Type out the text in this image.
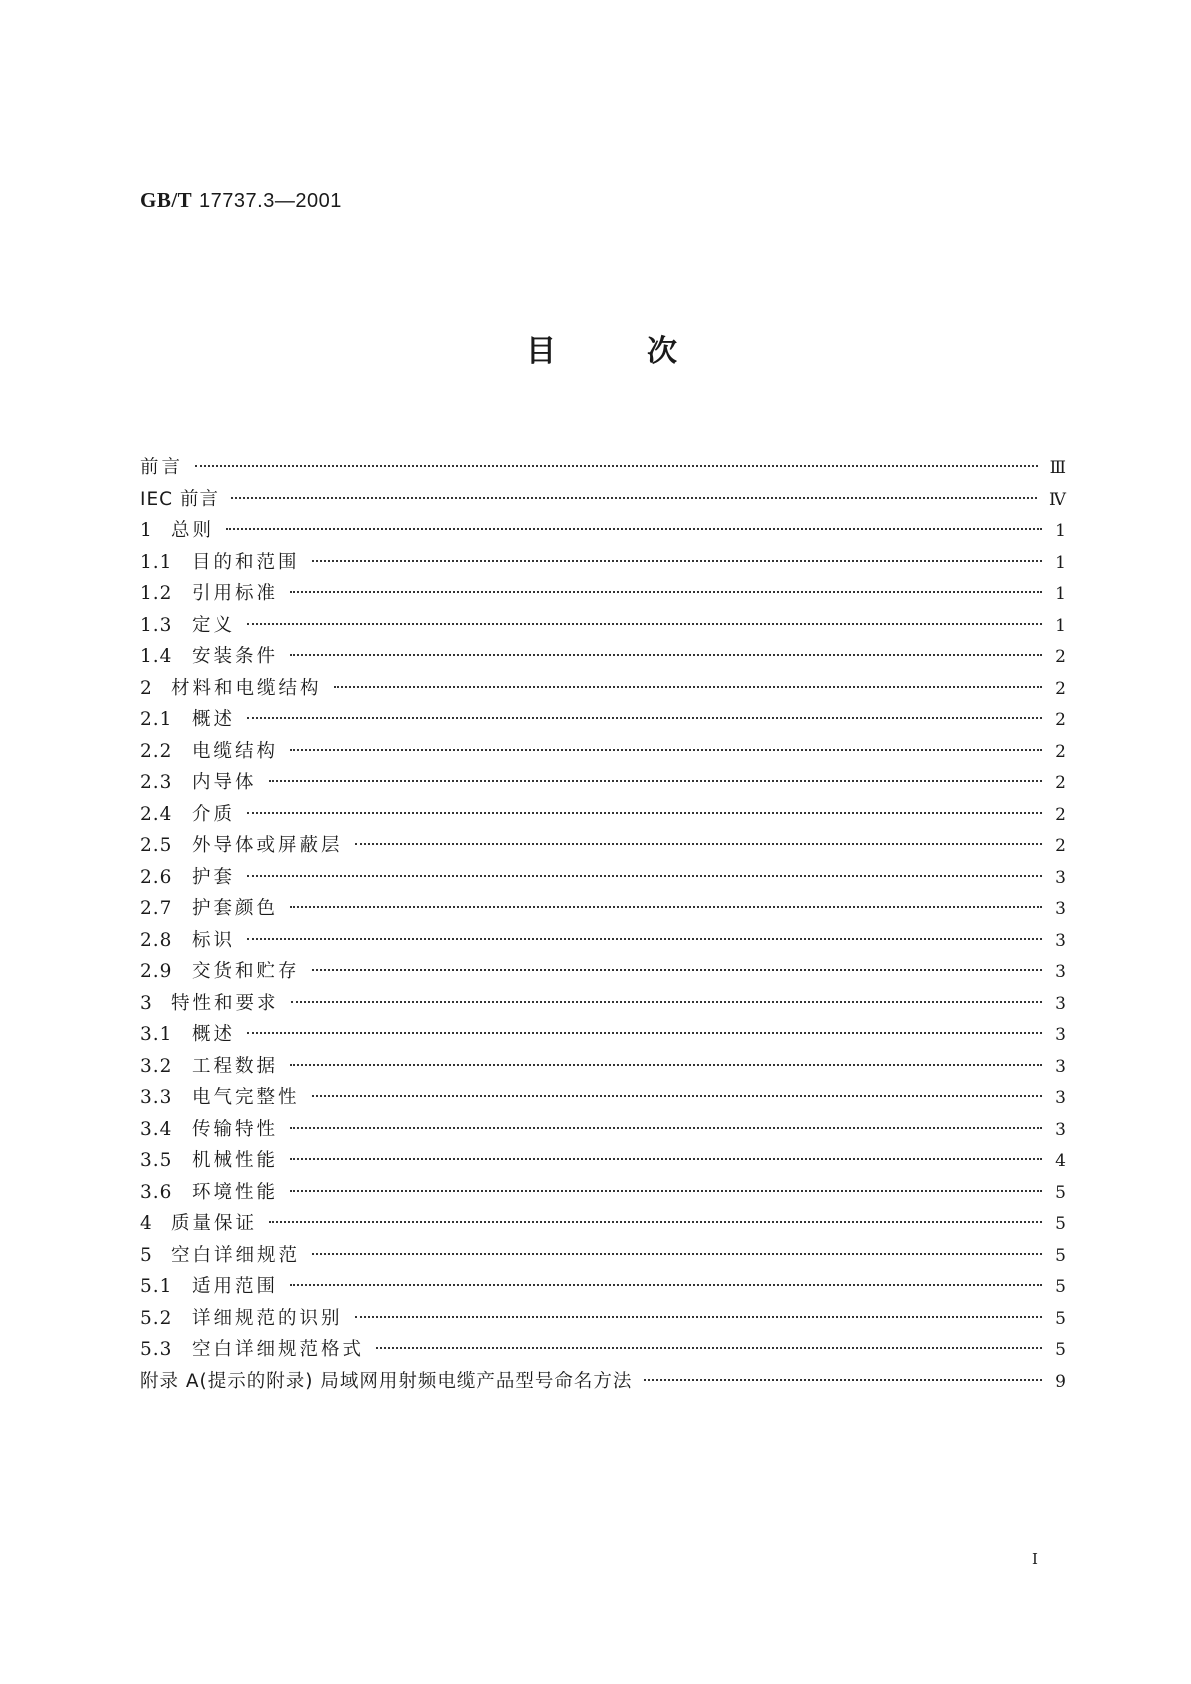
GB/T 17737.3—2001
目	次
前言	Ⅲ
IEC 前言	Ⅳ
1 总则	1
1.1	目的和范围	1
1.2	引用标准	1
1.3	定义	1
1.4	安装条件	2
2 材料和电缆结构	2
2.1	概述	2
2.2	电缆结构	2
2.3	内导体	2
2.4	介质	2
2.5	外导体或屏蔽层	2
2.6	护套	3
2.7	护套颜色	3
2.8	标识	3
2.9	交货和贮存	3
3 特性和要求	3
3.1	概述	3
3.2	工程数据	3
3.3	电气完整性	3
3.4	传输特性	3
3.5	机械性能	4
3.6	环境性能	5
4 质量保证	5
5 空白详细规范	5
5.1	适用范围	5
5.2	详细规范的识别	5
5.3	空白详细规范格式	5
附录 A(提示的附录) 局域网用射频电缆产品型号命名方法	9
Ⅰ
